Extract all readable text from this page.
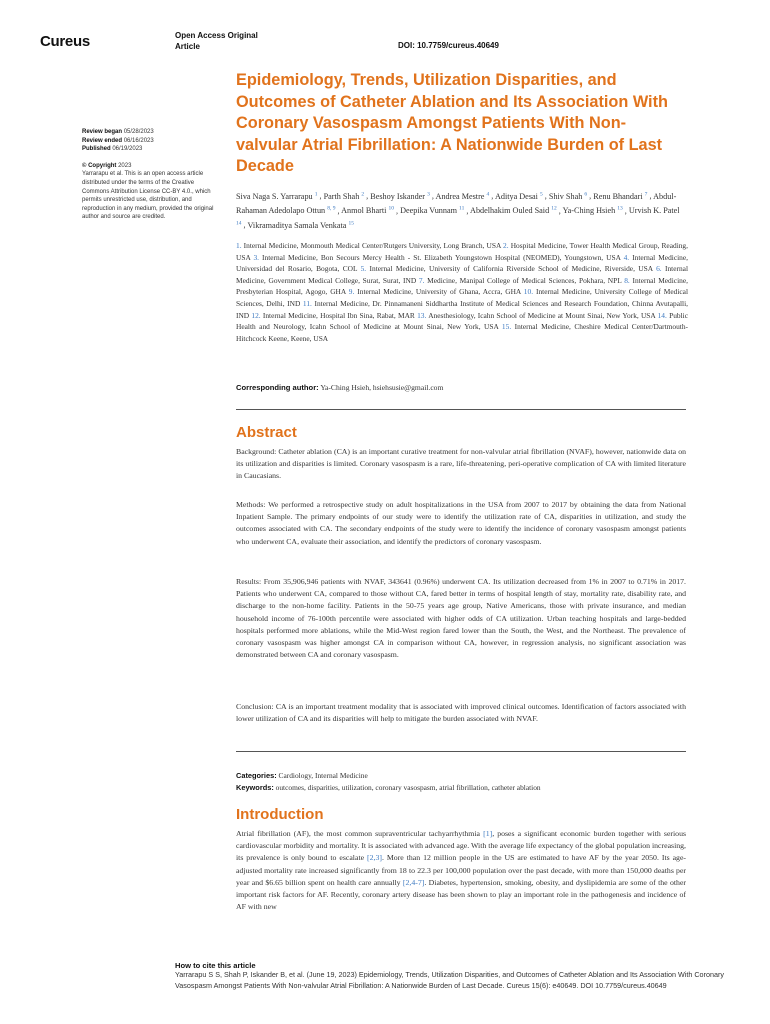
Cureus	Open Access Original Article	DOI: 10.7759/cureus.40649
Review began 05/28/2023
Review ended 06/16/2023
Published 06/19/2023
© Copyright 2023
Yarrarapu et al. This is an open access article distributed under the terms of the Creative Commons Attribution License CC-BY 4.0., which permits unrestricted use, distribution, and reproduction in any medium, provided the original author and source are credited.
Epidemiology, Trends, Utilization Disparities, and Outcomes of Catheter Ablation and Its Association With Coronary Vasospasm Amongst Patients With Non-valvular Atrial Fibrillation: A Nationwide Burden of Last Decade
Siva Naga S. Yarrarapu $^1$ , Parth Shah $^2$ , Beshoy Iskander $^3$ , Andrea Mestre $^4$ , Aditya Desai $^5$ , Shiv Shah $^6$ , Renu Bhandari $^7$ , Abdul-Rahaman Adedolapo Ottun $^{8, 9}$ , Anmol Bharti $^{10}$ , Deepika Vunnam $^{11}$ , Abdelhakim Ouled Said $^{12}$ , Ya-Ching Hsieh $^{13}$ , Urvish K. Patel $^{14}$ , Vikramaditya Samala Venkata $^{15}$
1. Internal Medicine, Monmouth Medical Center/Rutgers University, Long Branch, USA 2. Hospital Medicine, Tower Health Medical Group, Reading, USA 3. Internal Medicine, Bon Secours Mercy Health - St. Elizabeth Youngstown Hospital (NEOMED), Youngstown, USA 4. Internal Medicine, Universidad del Rosario, Bogota, COL 5. Internal Medicine, University of California Riverside School of Medicine, Riverside, USA 6. Internal Medicine, Government Medical College, Surat, Surat, IND 7. Medicine, Manipal College of Medical Sciences, Pokhara, NPL 8. Internal Medicine, Presbyterian Hospital, Agogo, GHA 9. Internal Medicine, University of Ghana, Accra, GHA 10. Internal Medicine, University College of Medical Sciences, Delhi, IND 11. Internal Medicine, Dr. Pinnamaneni Siddhartha Institute of Medical Sciences and Research Foundation, Chinna Avutapalli, IND 12. Internal Medicine, Hospital Ibn Sina, Rabat, MAR 13. Anesthesiology, Icahn School of Medicine at Mount Sinai, New York, USA 14. Public Health and Neurology, Icahn School of Medicine at Mount Sinai, New York, USA 15. Internal Medicine, Cheshire Medical Center/Dartmouth-Hitchcock Keene, Keene, USA
Corresponding author: Ya-Ching Hsieh, hsiehsusie@gmail.com
Abstract
Background: Catheter ablation (CA) is an important curative treatment for non-valvular atrial fibrillation (NVAF), however, nationwide data on its utilization and disparities is limited. Coronary vasospasm is a rare, life-threatening, peri-operative complication of CA with limited literature in Caucasians.
Methods: We performed a retrospective study on adult hospitalizations in the USA from 2007 to 2017 by obtaining the data from National Inpatient Sample. The primary endpoints of our study were to identify the utilization rate of CA, disparities in utilization, and study the outcomes associated with CA. The secondary endpoints of the study were to identify the incidence of coronary vasospasm amongst patients who underwent CA, evaluate their association, and identify the predictors of coronary vasospasm.
Results: From 35,906,946 patients with NVAF, 343641 (0.96%) underwent CA. Its utilization decreased from 1% in 2007 to 0.71% in 2017. Patients who underwent CA, compared to those without CA, fared better in terms of hospital length of stay, mortality rate, disability rate, and discharge to the non-home facility. Patients in the 50-75 years age group, Native Americans, those with private insurance, and median household income of 76-100th percentile were associated with higher odds of CA utilization. Urban teaching hospitals and large-bedded hospitals performed more ablations, while the Mid-West region fared lower than the South, the West, and the Northeast. The prevalence of coronary vasospasm was higher amongst CA in comparison without CA, however, in regression analysis, no significant association was demonstrated between CA and coronary vasospasm.
Conclusion: CA is an important treatment modality that is associated with improved clinical outcomes. Identification of factors associated with lower utilization of CA and its disparities will help to mitigate the burden associated with NVAF.
Categories: Cardiology, Internal Medicine
Keywords: outcomes, disparities, utilization, coronary vasospasm, atrial fibrillation, catheter ablation
Introduction
Atrial fibrillation (AF), the most common supraventricular tachyarrhythmia [1], poses a significant economic burden together with serious cardiovascular morbidity and mortality. It is associated with advanced age. With the average life expectancy of the global population increasing, its prevalence is only bound to escalate [2,3]. More than 12 million people in the US are estimated to have AF by the year 2050. Its age-adjusted mortality rate increased significantly from 18 to 22.3 per 100,000 population over the past decade, with more than 150,000 deaths per year and $6.65 billion spent on health care annually [2,4-7]. Diabetes, hypertension, smoking, obesity, and dyslipidemia are some of the other important risk factors for AF. Recently, coronary artery disease has been shown to play an important role in the pathogenesis and incidence of AF with new
How to cite this article
Yarrarapu S S, Shah P, Iskander B, et al. (June 19, 2023) Epidemiology, Trends, Utilization Disparities, and Outcomes of Catheter Ablation and Its Association With Coronary Vasospasm Amongst Patients With Non-valvular Atrial Fibrillation: A Nationwide Burden of Last Decade. Cureus 15(6): e40649. DOI 10.7759/cureus.40649
